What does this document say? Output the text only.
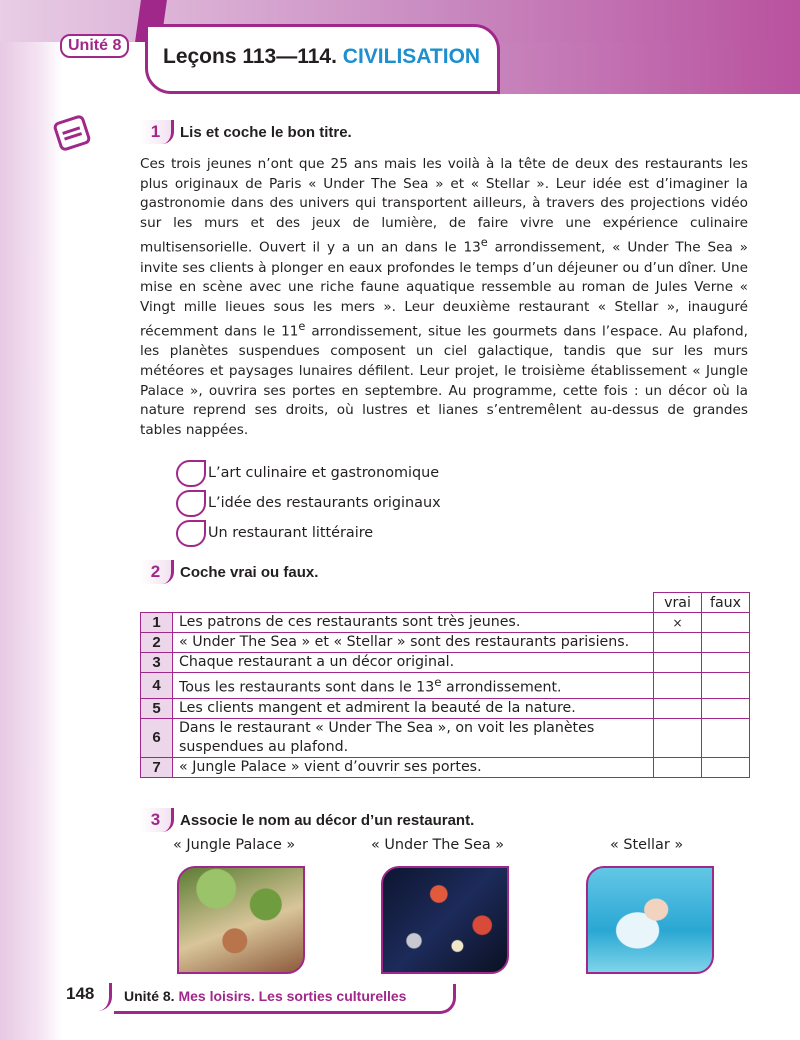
Unité 8	Leçons 113—114. CIVILISATION
1	Lis et coche le bon titre.
Ces trois jeunes n’ont que 25 ans mais les voilà à la tête de deux des restaurants les plus originaux de Paris « Under The Sea » et « Stellar ». Leur idée est d’imaginer la gastronomie dans des univers qui transportent ailleurs, à travers des projections vidéo sur les murs et des jeux de lumière, de faire vivre une expérience culinaire multisensorielle. Ouvert il y a un an dans le 13e arrondissement, « Under The Sea » invite ses clients à plonger en eaux profondes le temps d’un déjeuner ou d’un dîner. Une mise en scène avec une riche faune aquatique ressemble au roman de Jules Verne « Vingt mille lieues sous les mers ». Leur deuxième restaurant « Stellar », inauguré récemment dans le 11e arrondissement, situe les gourmets dans l’espace. Au plafond, les planètes suspendues composent un ciel galactique, tandis que sur les murs météores et paysages lunaires défilent. Leur projet, le troisième établissement « Jungle Palace », ouvrira ses portes en septembre. Au programme, cette fois : un décor où la nature reprend ses droits, où lustres et lianes s’entremêlent au-dessus de grandes tables nappées.
L’art culinaire et gastronomique
L’idée des restaurants originaux
Un restaurant littéraire
2	Coche vrai ou faux.
		vrai	faux
1	Les patrons de ces restaurants sont très jeunes.	×	
2	« Under The Sea » et « Stellar » sont des restaurants parisiens.		
3	Chaque restaurant a un décor original.		
4	Tous les restaurants sont dans le 13e arrondissement.		
5	Les clients mangent et admirent la beauté de la nature.		
6	Dans le restaurant « Under The Sea », on voit les planètes suspendues au plafond.		
7	« Jungle Palace » vient d’ouvrir ses portes.		
3	Associe le nom au décor d’un restaurant.
« Jungle Palace »	« Under The Sea »	« Stellar »
148	Unité 8. Mes loisirs. Les sorties culturelles
